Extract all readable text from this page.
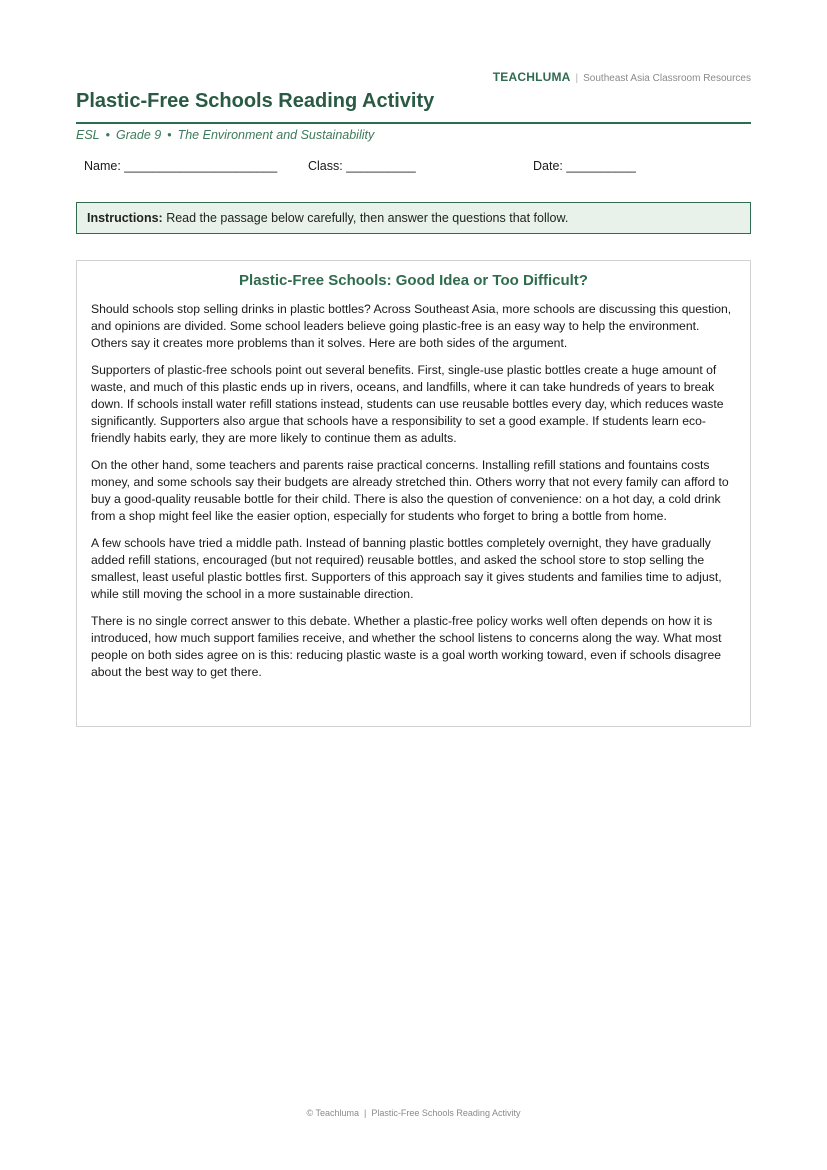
TEACHLUMA | Southeast Asia Classroom Resources
Plastic-Free Schools Reading Activity
ESL • Grade 9 • The Environment and Sustainability
Name: ______________________ Class: __________	Date: __________
Instructions: Read the passage below carefully, then answer the questions that follow.
Plastic-Free Schools: Good Idea or Too Difficult?

Should schools stop selling drinks in plastic bottles? Across Southeast Asia, more schools are discussing this question, and opinions are divided. Some school leaders believe going plastic-free is an easy way to help the environment. Others say it creates more problems than it solves. Here are both sides of the argument.

Supporters of plastic-free schools point out several benefits. First, single-use plastic bottles create a huge amount of waste, and much of this plastic ends up in rivers, oceans, and landfills, where it can take hundreds of years to break down. If schools install water refill stations instead, students can use reusable bottles every day, which reduces waste significantly. Supporters also argue that schools have a responsibility to set a good example. If students learn eco-friendly habits early, they are more likely to continue them as adults.

On the other hand, some teachers and parents raise practical concerns. Installing refill stations and fountains costs money, and some schools say their budgets are already stretched thin. Others worry that not every family can afford to buy a good-quality reusable bottle for their child. There is also the question of convenience: on a hot day, a cold drink from a shop might feel like the easier option, especially for students who forget to bring a bottle from home.

A few schools have tried a middle path. Instead of banning plastic bottles completely overnight, they have gradually added refill stations, encouraged (but not required) reusable bottles, and asked the school store to stop selling the smallest, least useful plastic bottles first. Supporters of this approach say it gives students and families time to adjust, while still moving the school in a more sustainable direction.

There is no single correct answer to this debate. Whether a plastic-free policy works well often depends on how it is introduced, how much support families receive, and whether the school listens to concerns along the way. What most people on both sides agree on is this: reducing plastic waste is a goal worth working toward, even if schools disagree about the best way to get there.

© Teachluma | Plastic-Free Schools Reading Activity
